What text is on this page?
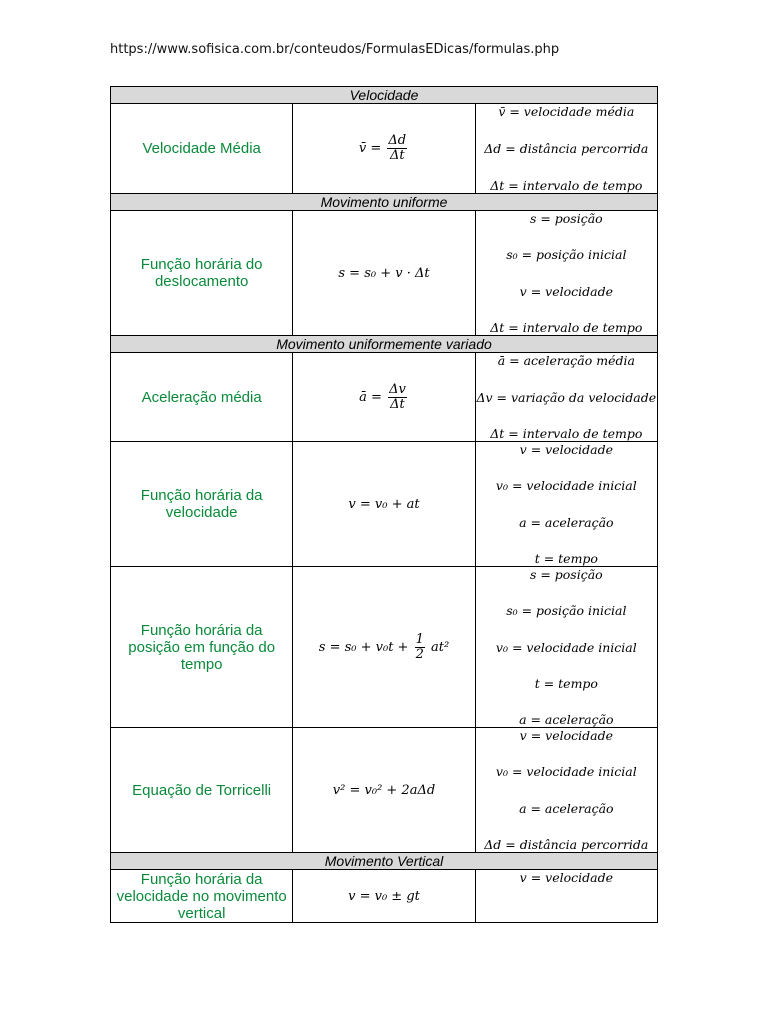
https://www.sofisica.com.br/conteudos/FormulasEDicas/formulas.php
Velocidade		
Velocidade Média	v̄ = $\frac{\Delta d}{\Delta t}$	v̄ = velocidade média
Δd = distância percorrida
Δt = intervalo de tempo

Movimento uniforme		
Função horária do deslocamento	s = s₀ + v · Δt	s = posição
s₀ = posição inicial
v = velocidade
Δt = intervalo de tempo

Movimento uniformemente variado		
Aceleração média	ā = $\frac{\Delta v}{\Delta t}$	ā = aceleração média
Δv = variação da velocidade
Δt = intervalo de tempo

Função horária da velocidade	v = v₀ + at	v = velocidade
v₀ = velocidade inicial
a = aceleração
t = tempo

Função horária da posição em função do tempo	$s = s_0 + v_0t + \frac{1}{2} at^2$	s = posição
s₀ = posição inicial
v₀ = velocidade inicial
t = tempo
a = aceleração

Equação de Torricelli	v² = v₀² + 2aΔd	v = velocidade
v₀ = velocidade inicial
a = aceleração
Δd = distância percorrida

Movimento Vertical		
Função horária da velocidade no movimento vertical	v = v₀ ± gt	v = velocidade
